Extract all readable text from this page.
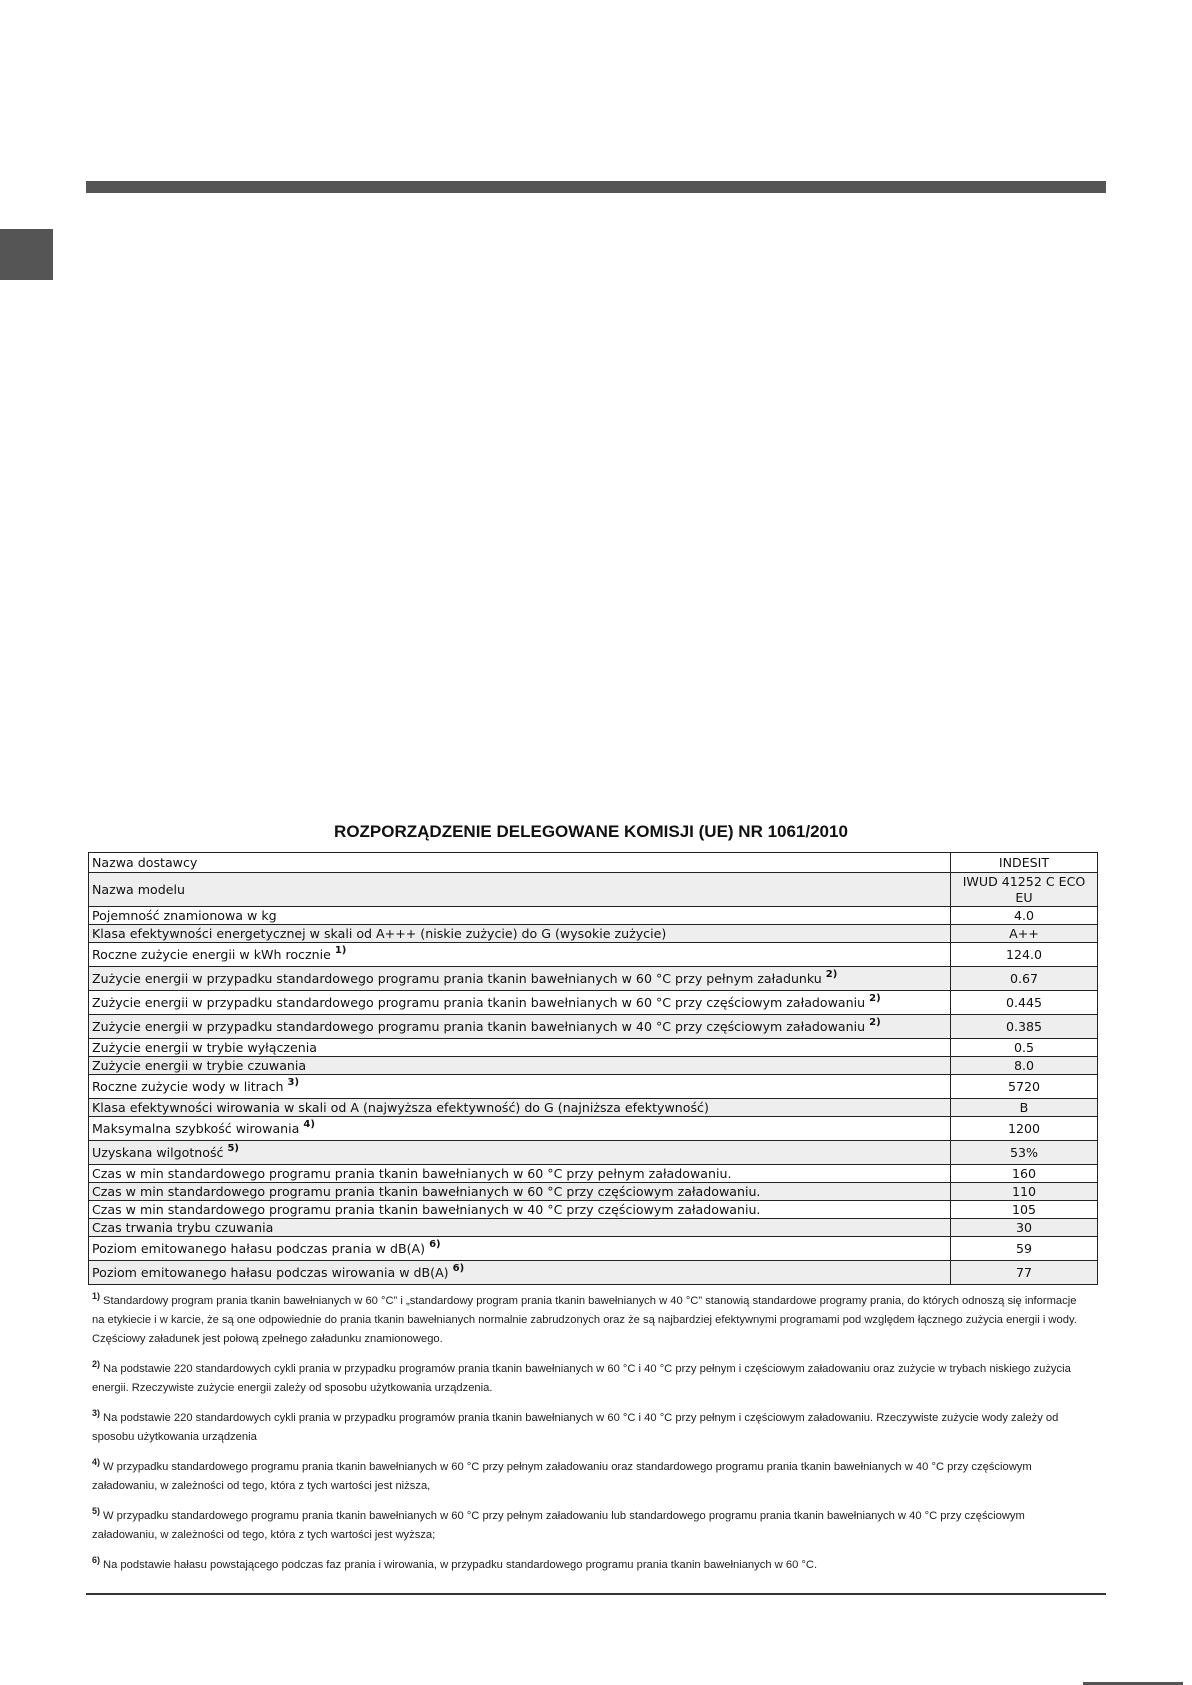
ROZPORZĄDZENIE DELEGOWANE KOMISJI (UE) NR 1061/2010
Nazwa dostawcy	INDESIT
Nazwa modelu	IWUD 41252 C ECO EU
Pojemność znamionowa w kg	4.0
Klasa efektywności energetycznej w skali od A+++ (niskie zużycie) do G (wysokie zużycie)	A++
Roczne zużycie energii w kWh rocznie $^{1)}$	124.0
Zużycie energii w przypadku standardowego programu prania tkanin bawełnianych w 60 °C przy pełnym załadunku $^{2)}$	0.67
Zużycie energii w przypadku standardowego programu prania tkanin bawełnianych w 60 °C przy częściowym załadowaniu $^{2)}$	0.445
Zużycie energii w przypadku standardowego programu prania tkanin bawełnianych w 40 °C przy częściowym załadowaniu $^{2)}$	0.385
Zużycie energii w trybie wyłączenia	0.5
Zużycie energii w trybie czuwania	8.0
Roczne zużycie wody w litrach $^{3)}$	5720
Klasa efektywności wirowania w skali od A (najwyższa efektywność) do G (najniższa efektywność)	B
Maksymalna szybkość wirowania $^{4)}$	1200
Uzyskana wilgotność $^{5)}$	53%
Czas w min standardowego programu prania tkanin bawełnianych w 60 °C przy pełnym załadowaniu.	160
Czas w min standardowego programu prania tkanin bawełnianych w 60 °C przy częściowym załadowaniu.	110
Czas w min standardowego programu prania tkanin bawełnianych w 40 °C przy częściowym załadowaniu.	105
Czas trwania trybu czuwania	30
Poziom emitowanego hałasu podczas prania w dB(A) $^{6)}$	59
Poziom emitowanego hałasu podczas wirowania w dB(A) $^{6)}$	77
$^{1)}$ Standardowy program prania tkanin bawełnianych w 60 °C” i „standardowy program prania tkanin bawełnianych w 40 °C” stanowią standardowe programy prania, do których odnoszą się informacje na etykiecie i w karcie, że są one odpowiednie do prania tkanin bawełnianych normalnie zabrudzonych oraz że są najbardziej efektywnymi programami pod względem łącznego zużycia energii i wody. Częściowy załadunek jest połową zpełnego załadunku znamionowego.
$^{2)}$ Na podstawie 220 standardowych cykli prania w przypadku programów prania tkanin bawełnianych w 60 °C i 40 °C przy pełnym i częściowym załadowaniu oraz zużycie w trybach niskiego zużycia energii. Rzeczywiste zużycie energii zależy od sposobu użytkowania urządzenia.
$^{3)}$ Na podstawie 220 standardowych cykli prania w przypadku programów prania tkanin bawełnianych w 60 °C i 40 °C przy pełnym i częściowym załadowaniu. Rzeczywiste zużycie wody zależy od sposobu użytkowania urządzenia
$^{4)}$ W przypadku standardowego programu prania tkanin bawełnianych w 60 °C przy pełnym załadowaniu oraz standardowego programu prania tkanin bawełnianych w 40 °C przy częściowym załadowaniu, w zależności od tego, która z tych wartości jest niższa,
$^{5)}$ W przypadku standardowego programu prania tkanin bawełnianych w 60 °C przy pełnym załadowaniu lub standardowego programu prania tkanin bawełnianych w 40 °C przy częściowym załadowaniu, w zależności od tego, która z tych wartości jest wyższa;
$^{6)}$ Na podstawie hałasu powstającego podczas faz prania i wirowania, w przypadku standardowego programu prania tkanin bawełnianych w 60 °C.
